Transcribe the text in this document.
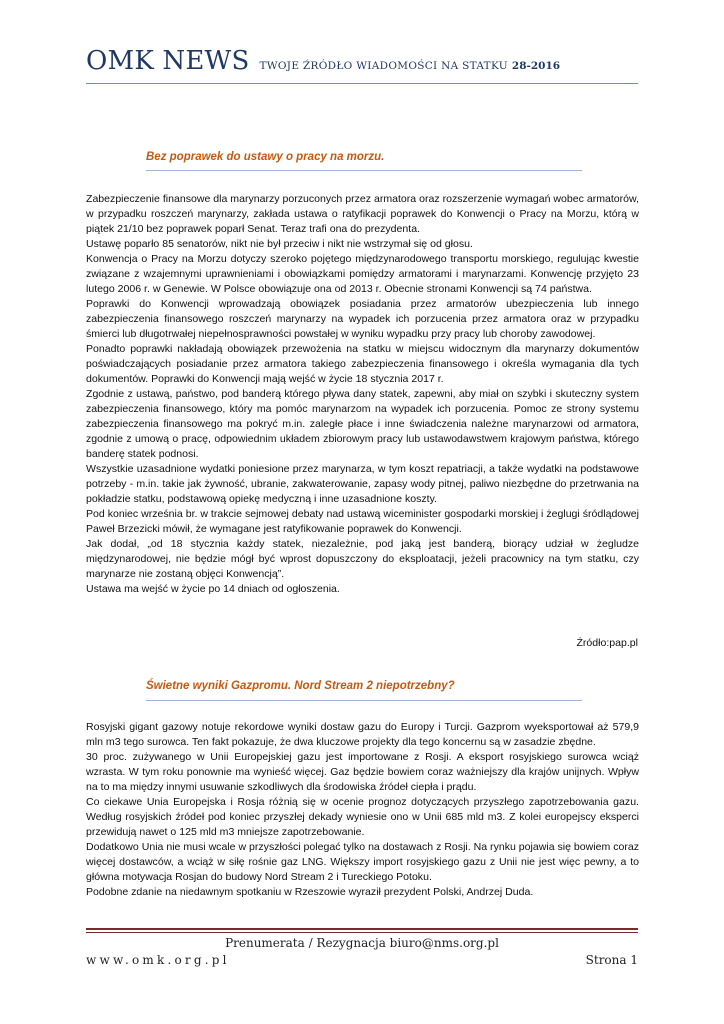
OMK NEWS TWOJE ŹRÓDŁO WIADOMOŚCI NA STATKU 28-2016
Bez poprawek do ustawy o pracy na morzu.

Zabezpieczenie finansowe dla marynarzy porzuconych przez armatora oraz rozszerzenie wymagań wobec armatorów, w przypadku roszczeń marynarzy, zakłada ustawa o ratyfikacji poprawek do Konwencji o Pracy na Morzu, którą w piątek 21/10 bez poprawek poparł Senat. Teraz trafi ona do prezydenta.

Ustawę poparło 85 senatorów, nikt nie był przeciw i nikt nie wstrzymał się od głosu.

Konwencja o Pracy na Morzu dotyczy szeroko pojętego międzynarodowego transportu morskiego, regulując kwestie związane z wzajemnymi uprawnieniami i obowiązkami pomiędzy armatorami i marynarzami. Konwencję przyjęto 23 lutego 2006 r. w Genewie. W Polsce obowiązuje ona od 2013 r. Obecnie stronami Konwencji są 74 państwa.

Poprawki do Konwencji wprowadzają obowiązek posiadania przez armatorów ubezpieczenia lub innego zabezpieczenia finansowego roszczeń marynarzy na wypadek ich porzucenia przez armatora oraz w przypadku śmierci lub długotrwałej niepełnosprawności powstałej w wyniku wypadku przy pracy lub choroby zawodowej.

Ponadto poprawki nakładają obowiązek przewożenia na statku w miejscu widocznym dla marynarzy dokumentów poświadczających posiadanie przez armatora takiego zabezpieczenia finansowego i określa wymagania dla tych dokumentów. Poprawki do Konwencji mają wejść w życie 18 stycznia 2017 r.

Zgodnie z ustawą, państwo, pod banderą którego pływa dany statek, zapewni, aby miał on szybki i skuteczny system zabezpieczenia finansowego, który ma pomóc marynarzom na wypadek ich porzucenia. Pomoc ze strony systemu zabezpieczenia finansowego ma pokryć m.in. zaległe płace i inne świadczenia należne marynarzowi od armatora, zgodnie z umową o pracę, odpowiednim układem zbiorowym pracy lub ustawodawstwem krajowym państwa, którego banderę statek podnosi.

Wszystkie uzasadnione wydatki poniesione przez marynarza, w tym koszt repatriacji, a także wydatki na podstawowe potrzeby - m.in. takie jak żywność, ubranie, zakwaterowanie, zapasy wody pitnej, paliwo niezbędne do przetrwania na pokładzie statku, podstawową opiekę medyczną i inne uzasadnione koszty.

Pod koniec września br. w trakcie sejmowej debaty nad ustawą wiceminister gospodarki morskiej i żeglugi śródlądowej Paweł Brzezicki mówił, że wymagane jest ratyfikowanie poprawek do Konwencji.

Jak dodał, „od 18 stycznia każdy statek, niezależnie, pod jaką jest banderą, biorący udział w żegludze międzynarodowej, nie będzie mógł być wprost dopuszczony do eksploatacji, jeżeli pracownicy na tym statku, czy marynarze nie zostaną objęci Konwencją”.

Ustawa ma wejść w życie po 14 dniach od ogłoszenia.

Źródło:pap.pl
Świetne wyniki Gazpromu. Nord Stream 2 niepotrzebny?

Rosyjski gigant gazowy notuje rekordowe wyniki dostaw gazu do Europy i Turcji. Gazprom wyeksportował aż 579,9 mln m3 tego surowca. Ten fakt pokazuje, że dwa kluczowe projekty dla tego koncernu są w zasadzie zbędne.

30 proc. zużywanego w Unii Europejskiej gazu jest importowane z Rosji. A eksport rosyjskiego surowca wciąż wzrasta. W tym roku ponownie ma wynieść więcej. Gaz będzie bowiem coraz ważniejszy dla krajów unijnych. Wpływ na to ma między innymi usuwanie szkodliwych dla środowiska źródeł ciepła i prądu.

Co ciekawe Unia Europejska i Rosja różnią się w ocenie prognoz dotyczących przyszłego zapotrzebowania gazu. Według rosyjskich źródeł pod koniec przyszłej dekady wyniesie ono w Unii 685 mld m3. Z kolei europejscy eksperci przewidują nawet o 125 mld m3 mniejsze zapotrzebowanie.

Dodatkowo Unia nie musi wcale w przyszłości polegać tylko na dostawach z Rosji. Na rynku pojawia się bowiem coraz więcej dostawców, a wciąż w siłę rośnie gaz LNG. Większy import rosyjskiego gazu z Unii nie jest więc pewny, a to główna motywacja Rosjan do budowy Nord Stream 2 i Tureckiego Potoku.

Podobne zdanie na niedawnym spotkaniu w Rzeszowie wyraził prezydent Polski, Andrzej Duda.

Prenumerata / Rezygnacja biuro@nms.org.pl
www.omk.org.pl	Strona 1
